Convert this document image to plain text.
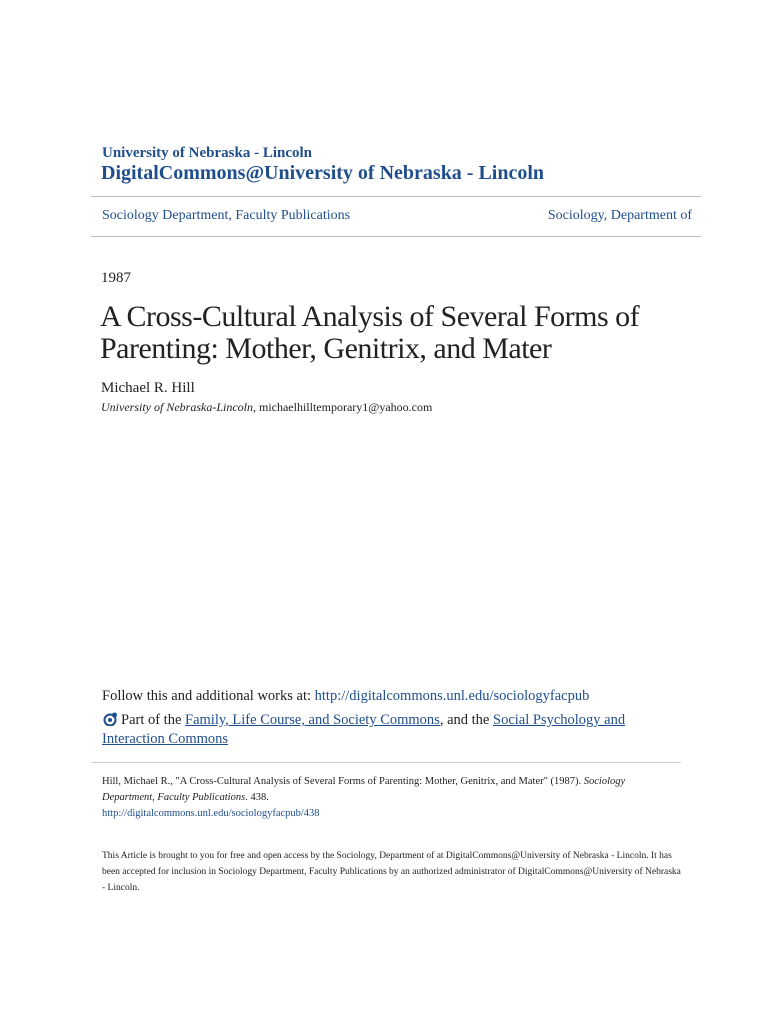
University of Nebraska - Lincoln
DigitalCommons@University of Nebraska - Lincoln
Sociology Department, Faculty Publications	Sociology, Department of
1987
A Cross-Cultural Analysis of Several Forms of
Parenting: Mother, Genitrix, and Mater
Michael R. Hill
University of Nebraska-Lincoln, michaelhilltemporary1@yahoo.com
Follow this and additional works at: http://digitalcommons.unl.edu/sociologyfacpub
Part of the Family, Life Course, and Society Commons, and the Social Psychology and Interaction Commons
Hill, Michael R., "A Cross-Cultural Analysis of Several Forms of Parenting: Mother, Genitrix, and Mater" (1987). Sociology Department, Faculty Publications. 438.
http://digitalcommons.unl.edu/sociologyfacpub/438
This Article is brought to you for free and open access by the Sociology, Department of at DigitalCommons@University of Nebraska - Lincoln. It has been accepted for inclusion in Sociology Department, Faculty Publications by an authorized administrator of DigitalCommons@University of Nebraska - Lincoln.
